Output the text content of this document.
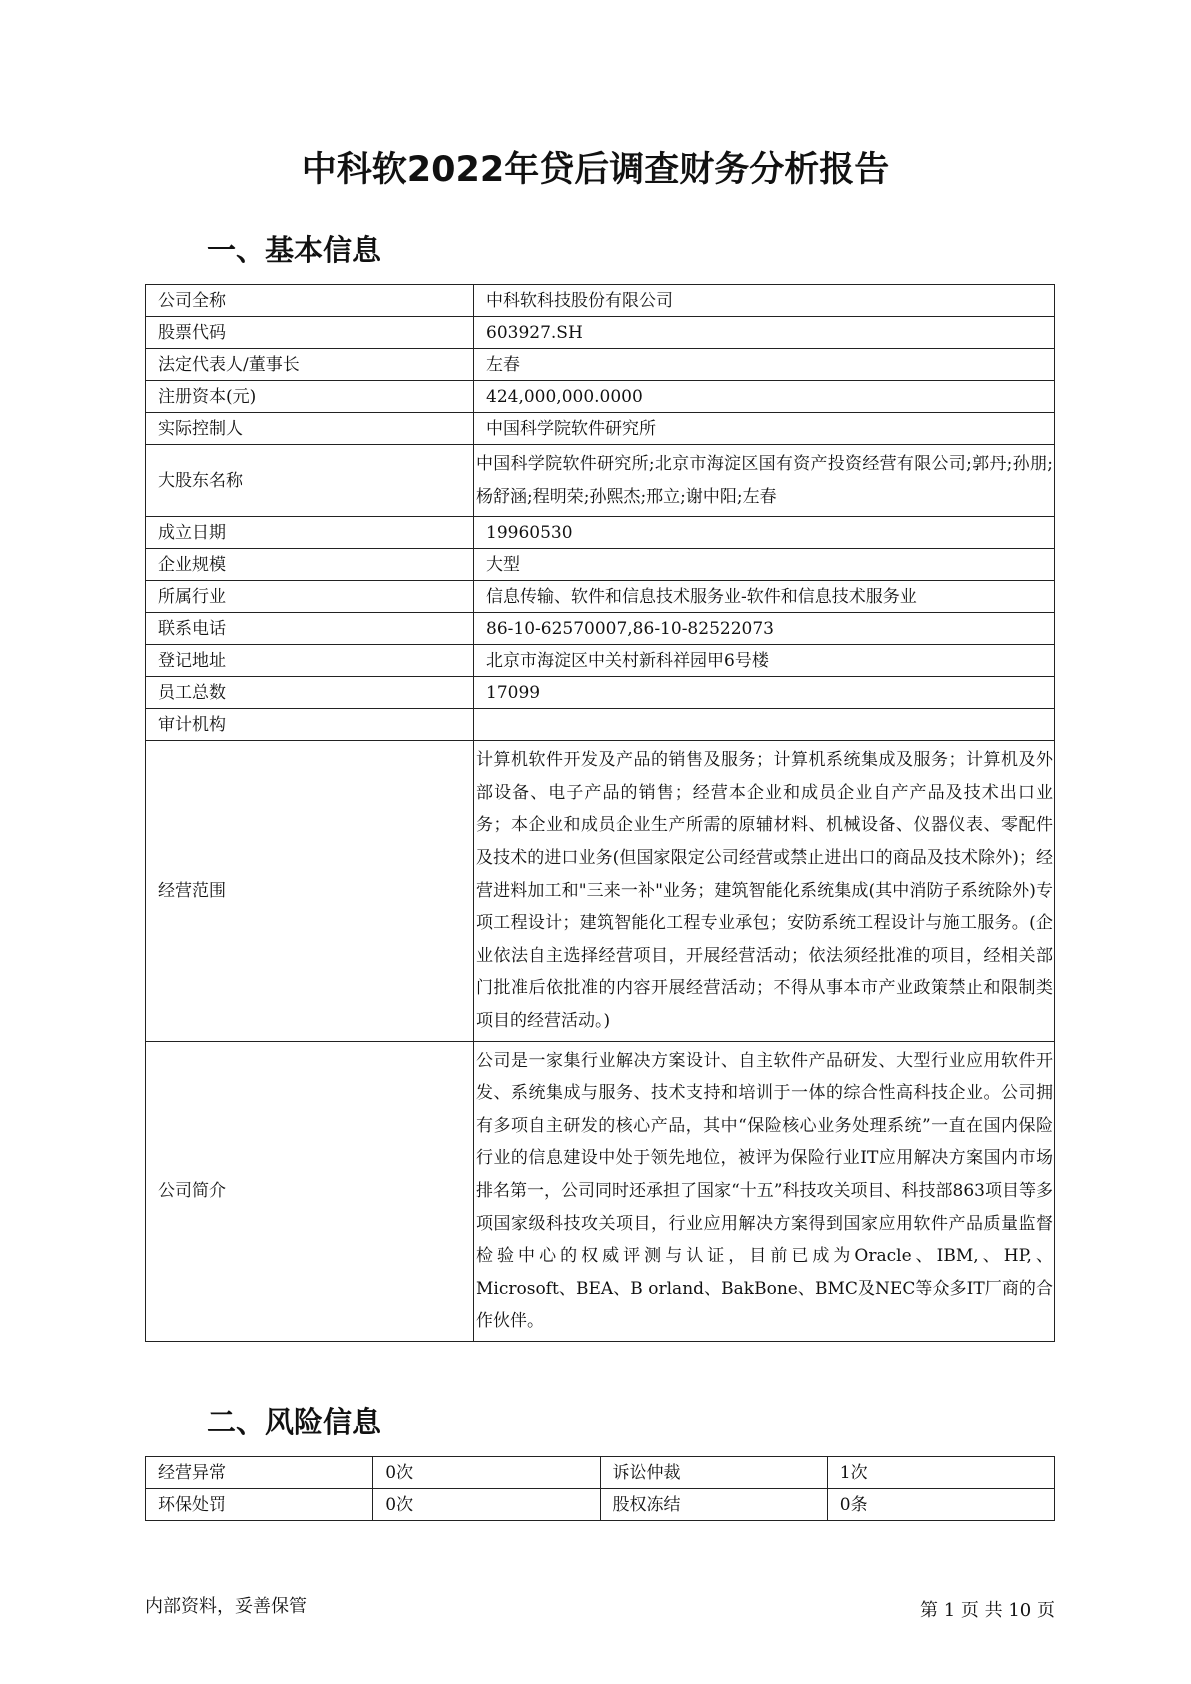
中科软2022年贷后调查财务分析报告
一、基本信息
公司全称	中科软科技股份有限公司
股票代码	603927.SH
法定代表人/董事长	左春
注册资本(元)	424,000,000.0000
实际控制人	中国科学院软件研究所
大股东名称	中国科学院软件研究所;北京市海淀区国有资产投资经营有限公司;郭丹;孙朋;杨舒涵;程明荣;孙熙杰;邢立;谢中阳;左春
成立日期	19960530
企业规模	大型
所属行业	信息传输、软件和信息技术服务业-软件和信息技术服务业
联系电话	86-10-62570007,86-10-82522073
登记地址	北京市海淀区中关村新科祥园甲6号楼
员工总数	17099
审计机构	
经营范围	计算机软件开发及产品的销售及服务；计算机系统集成及服务；计算机及外部设备、电子产品的销售；经营本企业和成员企业自产产品及技术出口业务；本企业和成员企业生产所需的原辅材料、机械设备、仪器仪表、零配件及技术的进口业务(但国家限定公司经营或禁止进出口的商品及技术除外)；经营进料加工和"三来一补"业务；建筑智能化系统集成(其中消防子系统除外)专项工程设计；建筑智能化工程专业承包；安防系统工程设计与施工服务。(企业依法自主选择经营项目，开展经营活动；依法须经批准的项目，经相关部门批准后依批准的内容开展经营活动；不得从事本市产业政策禁止和限制类项目的经营活动。)
公司简介	公司是一家集行业解决方案设计、自主软件产品研发、大型行业应用软件开发、系统集成与服务、技术支持和培训于一体的综合性高科技企业。公司拥有多项自主研发的核心产品，其中“保险核心业务处理系统”一直在国内保险行业的信息建设中处于领先地位，被评为保险行业IT应用解决方案国内市场排名第一，公司同时还承担了国家“十五”科技攻关项目、科技部863项目等多项国家级科技攻关项目，行业应用解决方案得到国家应用软件产品质量监督检验中心的权威评测与认证，目前已成为Oracle、IBM,、HP,、Microsoft、BEA、B orland、BakBone、BMC及NEC等众多IT厂商的合作伙伴。
二、风险信息
经营异常	0次	诉讼仲裁	1次
环保处罚	0次	股权冻结	0条
内部资料，妥善保管	第 1 页 共 10 页
